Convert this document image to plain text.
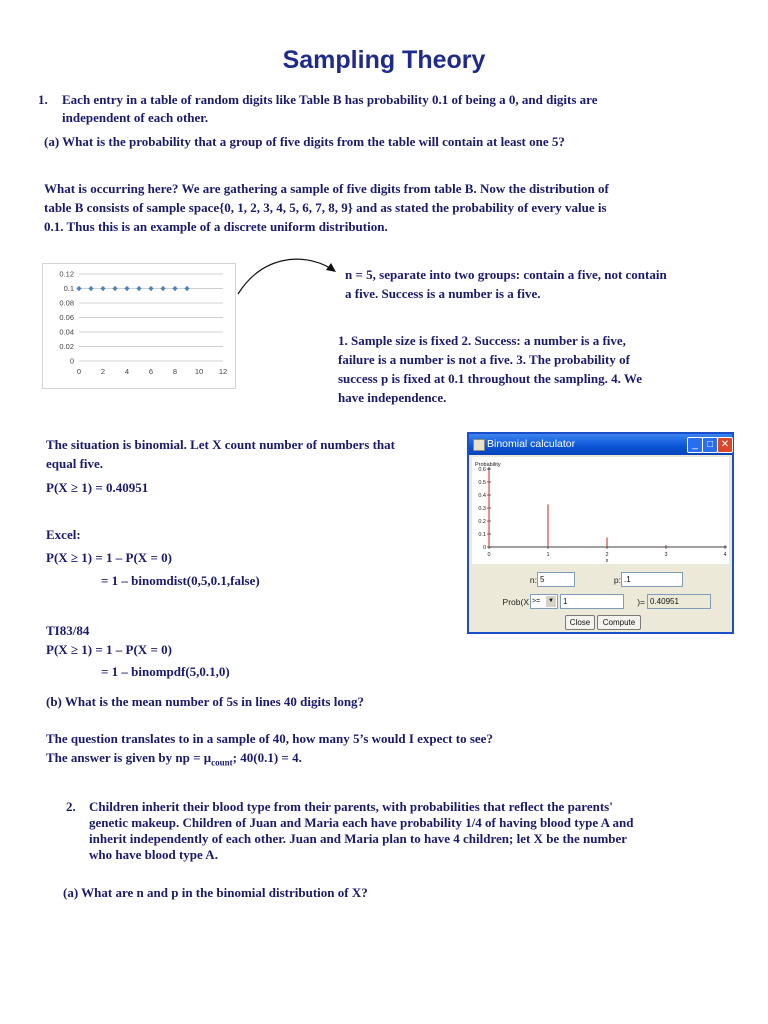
Sampling Theory
1. Each entry in a table of random digits like Table B has probability 0.1 of being a 0, and digits are
independent of each other.
(a) What is the probability that a group of five digits from the table will contain at least one 5?
What is occurring here? We are gathering a sample of five digits from table B. Now the distribution of
table B consists of sample space{0, 1, 2, 3, 4, 5, 6, 7, 8, 9} and as stated the probability of every value is
0.1. Thus this is an example of a discrete uniform distribution.
0
0.02
0.04
0.06
0.08
0.1
0.12
0	2	4	6	8 10 12
n = 5, separate into two groups: contain a five, not contain
a five. Success is a number is a five.
1. Sample size is fixed 2. Success: a number is a five,
failure is a number is not a five. 3. The probability of
success p is fixed at 0.1 throughout the sampling. 4. We
have independence.
The situation is binomial. Let X count number of numbers that
equal five.
P(X ≥ 1) = 0.40951
Excel:
P(X ≥ 1) = 1 – P(X = 0)
= 1 – binomdist(0,5,0.1,false)
TI83/84
P(X ≥ 1) = 1 – P(X = 0)
= 1 – binompdf(5,0.1,0)
(b) What is the mean number of 5s in lines 40 digits long?
The question translates to in a sample of 40, how many 5’s would I expect to see?
The answer is given by np = $\mu_{count}$; 40(0.1) = 4.
2. Children inherit their blood type from their parents, with probabilities that reflect the parents'
genetic makeup. Children of Juan and Maria each have probability 1/4 of having blood type A and
inherit independently of each other. Juan and Maria plan to have 4 children; let X be the number
who have blood type A.
(a) What are n and p in the binomial distribution of X?
Binomial calculator	_ □ ✕
Probability
0
0.1
0.2
0.3
0.4
0.5
0.6
0	1	2	3	4
x
n: 5	p: .1
Prob(X >=	▼	1	)= 0.40951
Close	Compute
